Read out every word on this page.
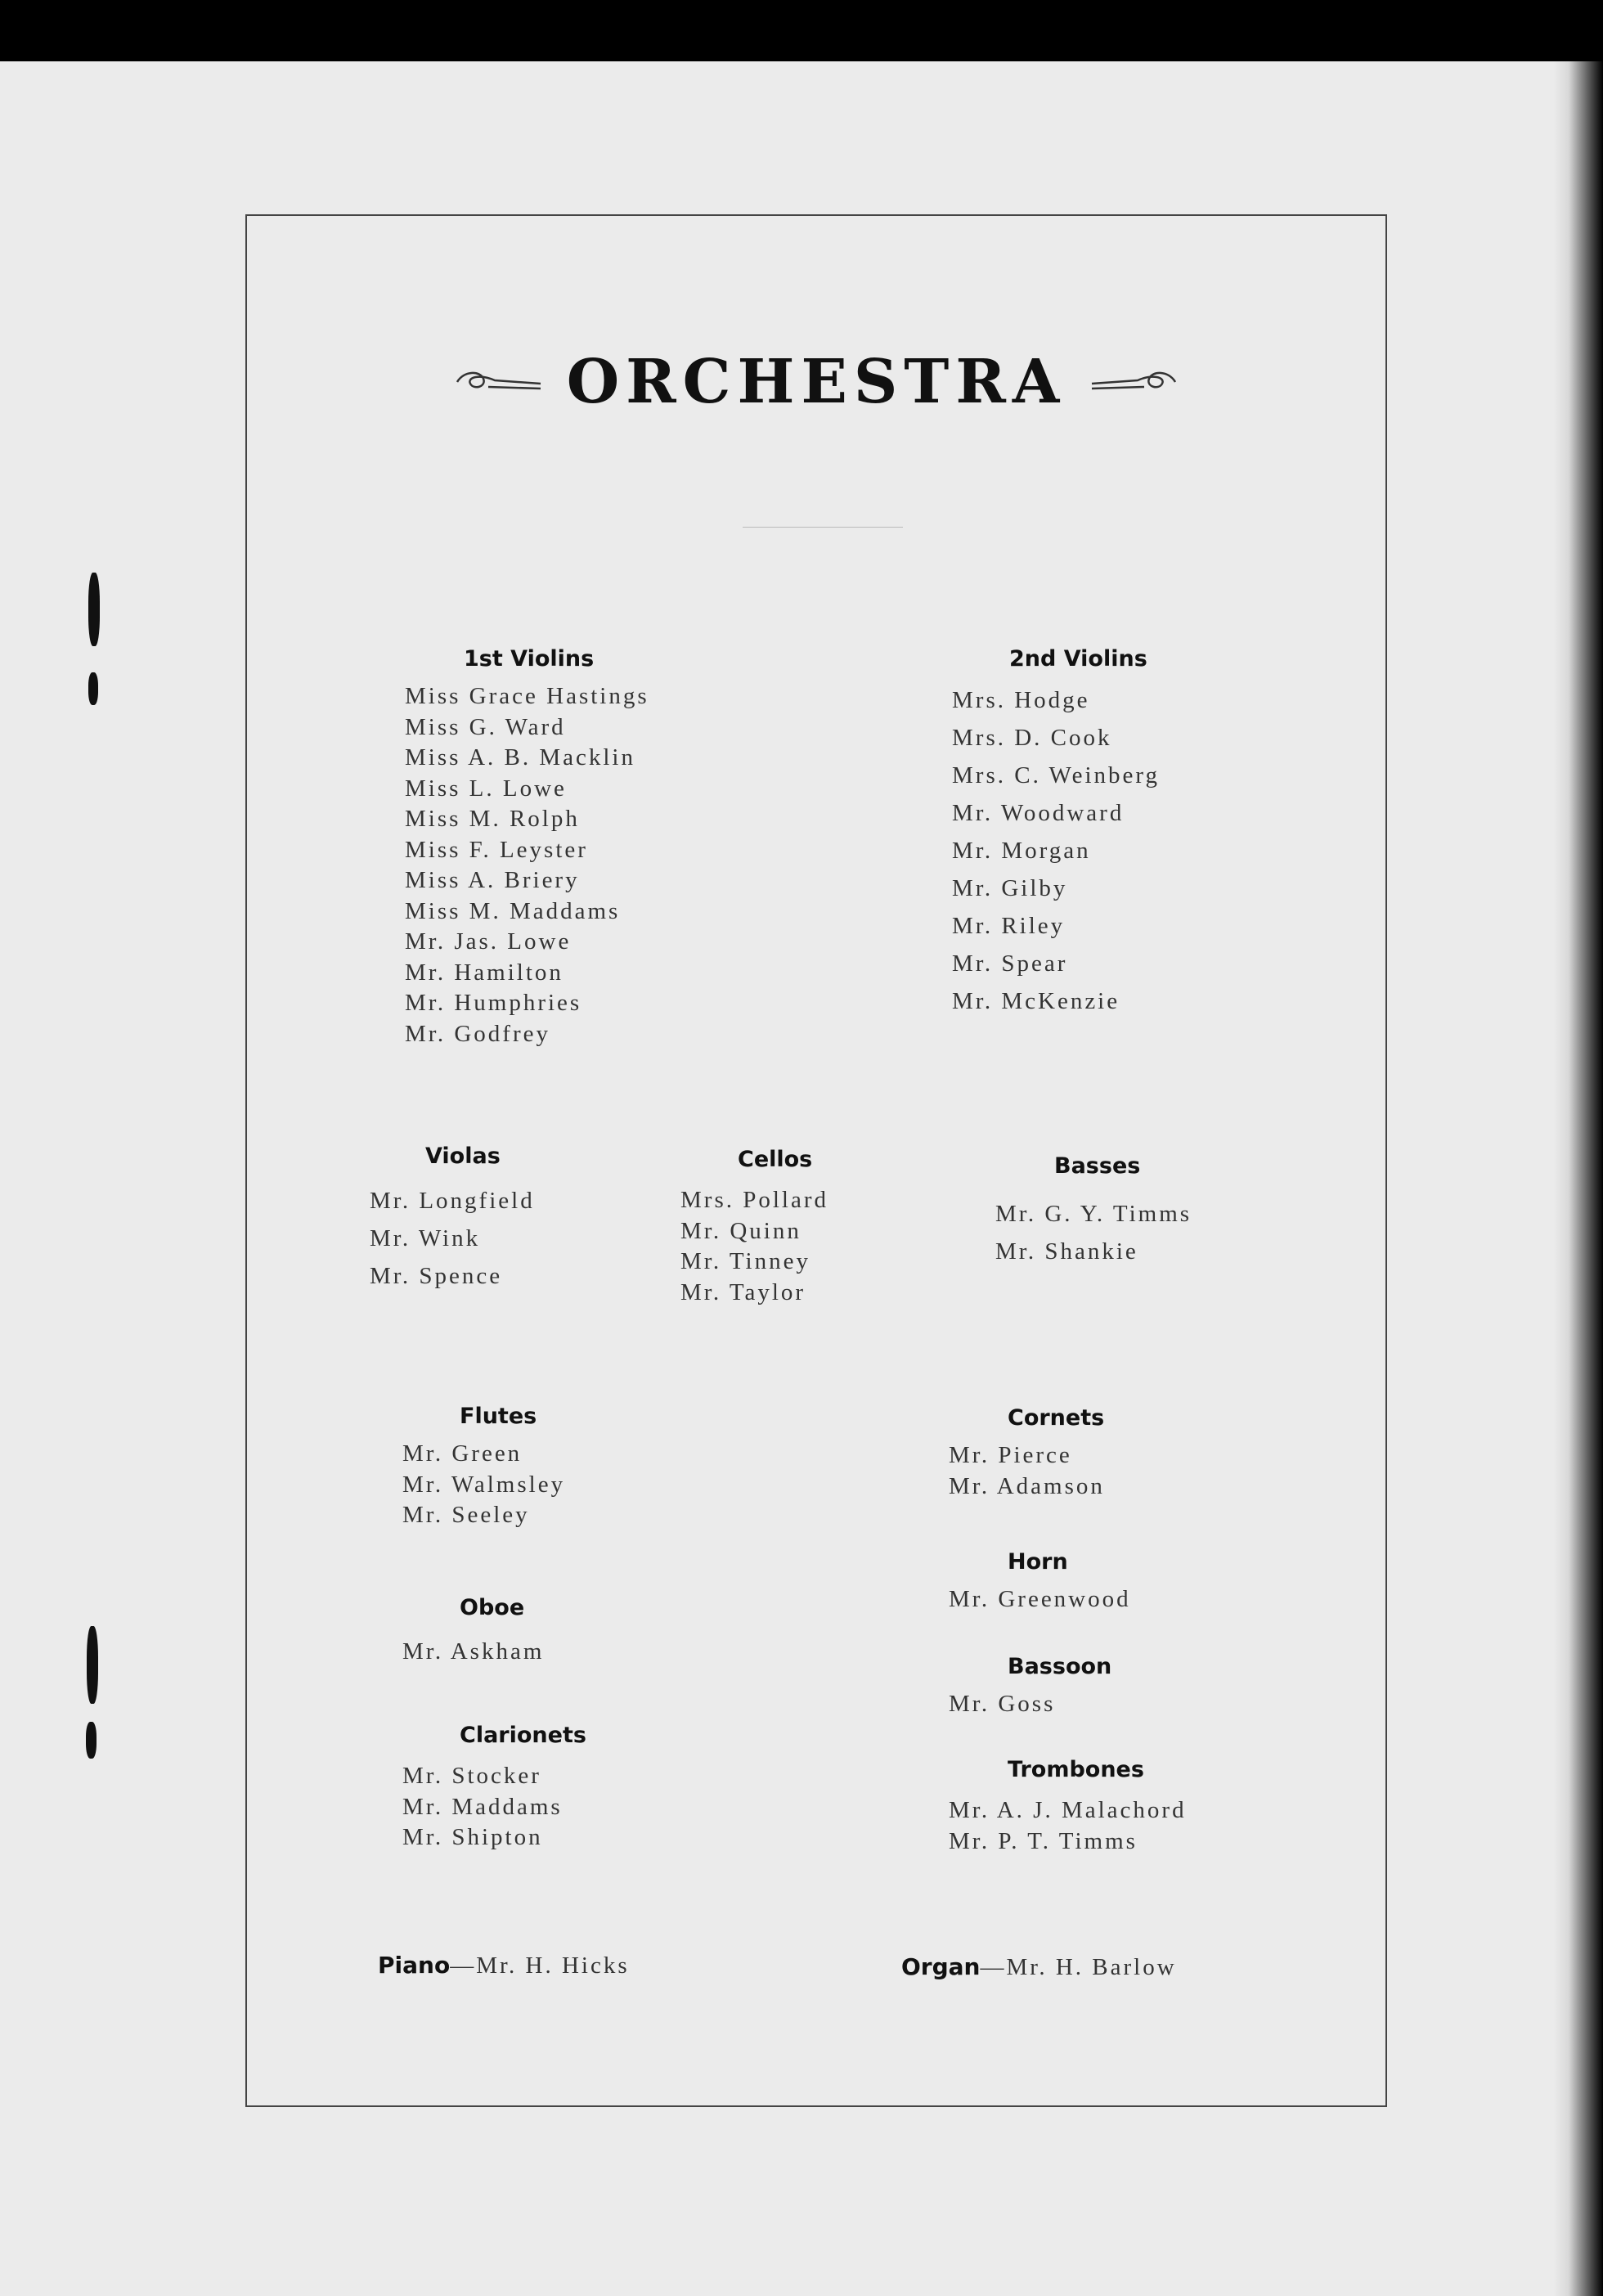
ORCHESTRA
1st Violins
Miss Grace Hastings
Miss G. Ward
Miss A. B. Macklin
Miss L. Lowe
Miss M. Rolph
Miss F. Leyster
Miss A. Briery
Miss M. Maddams
Mr. Jas. Lowe
Mr. Hamilton
Mr. Humphries
Mr. Godfrey
2nd Violins
Mrs. Hodge
Mrs. D. Cook
Mrs. C. Weinberg
Mr. Woodward
Mr. Morgan
Mr. Gilby
Mr. Riley
Mr. Spear
Mr. McKenzie
Violas
Mr. Longfield
Mr. Wink
Mr. Spence
Cellos
Mrs. Pollard
Mr. Quinn
Mr. Tinney
Mr. Taylor
Basses
Mr. G. Y. Timms
Mr. Shankie
Flutes
Mr. Green
Mr. Walmsley
Mr. Seeley
Cornets
Mr. Pierce
Mr. Adamson
Horn
Mr. Greenwood
Oboe
Mr. Askham
Bassoon
Mr. Goss
Clarionets
Mr. Stocker
Mr. Maddams
Mr. Shipton
Trombones
Mr. A. J. Malachord
Mr. P. T. Timms
Piano—Mr. H. Hicks	Organ—Mr. H. Barlow
